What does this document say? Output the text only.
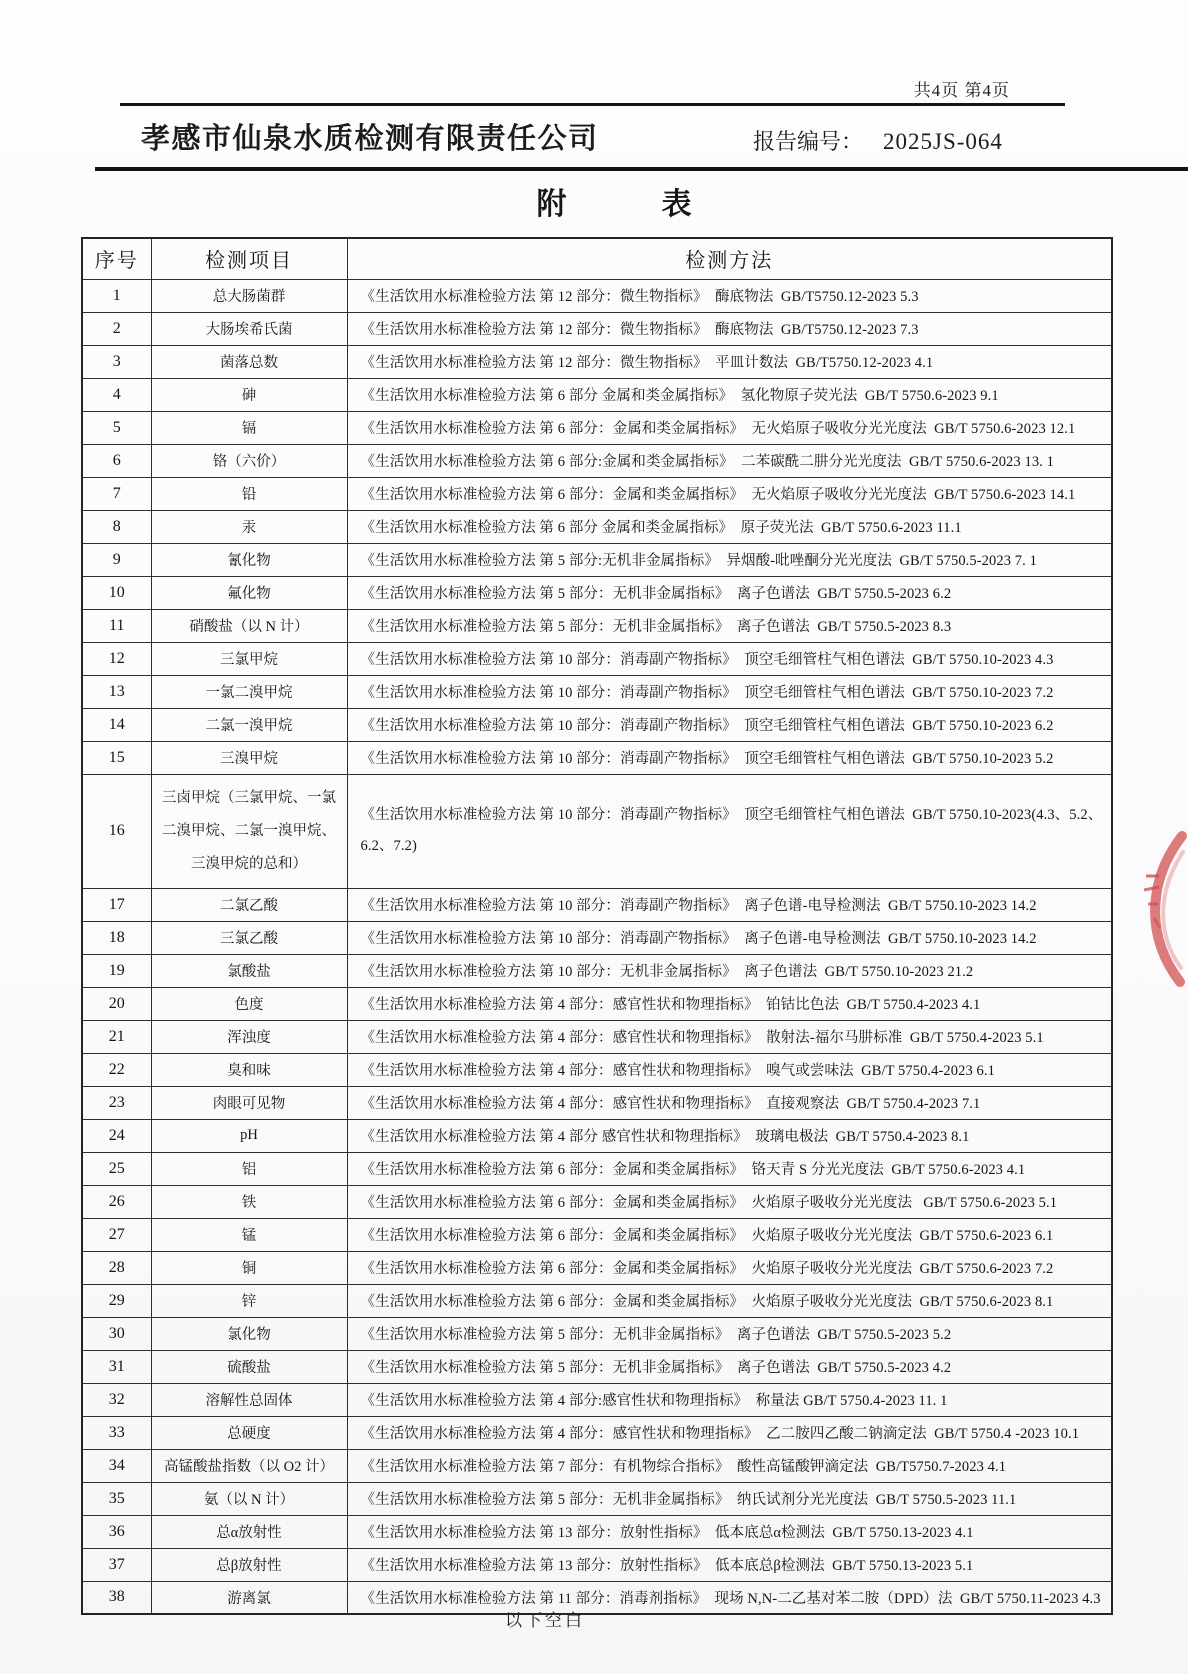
共4页 第4页
孝感市仙泉水质检测有限责任公司	报告编号： 2025JS-064
附	表
序号	检测项目	检测方法
1	总大肠菌群	《生活饮用水标准检验方法 第 12 部分：微生物指标》  酶底物法  GB/T5750.12-2023 5.3
2	大肠埃希氏菌	《生活饮用水标准检验方法 第 12 部分：微生物指标》  酶底物法  GB/T5750.12-2023 7.3
3	菌落总数	《生活饮用水标准检验方法 第 12 部分：微生物指标》  平皿计数法  GB/T5750.12-2023 4.1
4	砷	《生活饮用水标准检验方法 第 6 部分 金属和类金属指标》  氢化物原子荧光法  GB/T 5750.6-2023 9.1
5	镉	《生活饮用水标准检验方法 第 6 部分：金属和类金属指标》  无火焰原子吸收分光光度法  GB/T 5750.6-2023 12.1
6	铬（六价）	《生活饮用水标准检验方法 第 6 部分:金属和类金属指标》  二苯碳酰二肼分光光度法  GB/T 5750.6-2023 13. 1
7	铅	《生活饮用水标准检验方法 第 6 部分：金属和类金属指标》  无火焰原子吸收分光光度法  GB/T 5750.6-2023 14.1
8	汞	《生活饮用水标准检验方法 第 6 部分 金属和类金属指标》  原子荧光法  GB/T 5750.6-2023 11.1
9	氰化物	《生活饮用水标准检验方法 第 5 部分:无机非金属指标》  异烟酸-吡唑酮分光光度法  GB/T 5750.5-2023 7. 1
10	氟化物	《生活饮用水标准检验方法 第 5 部分：无机非金属指标》  离子色谱法  GB/T 5750.5-2023 6.2
11	硝酸盐（以 N 计）	《生活饮用水标准检验方法 第 5 部分：无机非金属指标》  离子色谱法  GB/T 5750.5-2023 8.3
12	三氯甲烷	《生活饮用水标准检验方法 第 10 部分：消毒副产物指标》  顶空毛细管柱气相色谱法  GB/T 5750.10-2023 4.3
13	一氯二溴甲烷	《生活饮用水标准检验方法 第 10 部分：消毒副产物指标》  顶空毛细管柱气相色谱法  GB/T 5750.10-2023 7.2
14	二氯一溴甲烷	《生活饮用水标准检验方法 第 10 部分：消毒副产物指标》  顶空毛细管柱气相色谱法  GB/T 5750.10-2023 6.2
15	三溴甲烷	《生活饮用水标准检验方法 第 10 部分：消毒副产物指标》  顶空毛细管柱气相色谱法  GB/T 5750.10-2023 5.2
16	三卤甲烷（三氯甲烷、一氯二溴甲烷、二氯一溴甲烷、三溴甲烷的总和）	《生活饮用水标准检验方法 第 10 部分：消毒副产物指标》  顶空毛细管柱气相色谱法  GB/T 5750.10-2023(4.3、5.2、6.2、7.2)
17	二氯乙酸	《生活饮用水标准检验方法 第 10 部分：消毒副产物指标》  离子色谱-电导检测法  GB/T 5750.10-2023 14.2
18	三氯乙酸	《生活饮用水标准检验方法 第 10 部分：消毒副产物指标》  离子色谱-电导检测法  GB/T 5750.10-2023 14.2
19	氯酸盐	《生活饮用水标准检验方法 第 10 部分：无机非金属指标》  离子色谱法  GB/T 5750.10-2023 21.2
20	色度	《生活饮用水标准检验方法 第 4 部分：感官性状和物理指标》  铂钴比色法  GB/T 5750.4-2023 4.1
21	浑浊度	《生活饮用水标准检验方法 第 4 部分：感官性状和物理指标》  散射法-福尔马肼标准  GB/T 5750.4-2023 5.1
22	臭和味	《生活饮用水标准检验方法 第 4 部分：感官性状和物理指标》  嗅气或尝味法  GB/T 5750.4-2023 6.1
23	肉眼可见物	《生活饮用水标准检验方法 第 4 部分：感官性状和物理指标》  直接观察法  GB/T 5750.4-2023 7.1
24	pH	《生活饮用水标准检验方法 第 4 部分 感官性状和物理指标》  玻璃电极法  GB/T 5750.4-2023 8.1
25	铝	《生活饮用水标准检验方法 第 6 部分：金属和类金属指标》  铬天青 S 分光光度法  GB/T 5750.6-2023 4.1
26	铁	《生活饮用水标准检验方法 第 6 部分：金属和类金属指标》  火焰原子吸收分光光度法   GB/T 5750.6-2023 5.1
27	锰	《生活饮用水标准检验方法 第 6 部分：金属和类金属指标》  火焰原子吸收分光光度法  GB/T 5750.6-2023 6.1
28	铜	《生活饮用水标准检验方法 第 6 部分：金属和类金属指标》  火焰原子吸收分光光度法  GB/T 5750.6-2023 7.2
29	锌	《生活饮用水标准检验方法 第 6 部分：金属和类金属指标》  火焰原子吸收分光光度法  GB/T 5750.6-2023 8.1
30	氯化物	《生活饮用水标准检验方法 第 5 部分：无机非金属指标》  离子色谱法  GB/T 5750.5-2023 5.2
31	硫酸盐	《生活饮用水标准检验方法 第 5 部分：无机非金属指标》  离子色谱法  GB/T 5750.5-2023 4.2
32	溶解性总固体	《生活饮用水标准检验方法 第 4 部分:感官性状和物理指标》  称量法 GB/T 5750.4-2023 11. 1
33	总硬度	《生活饮用水标准检验方法 第 4 部分：感官性状和物理指标》  乙二胺四乙酸二钠滴定法  GB/T 5750.4 -2023 10.1
34	高锰酸盐指数（以 O2 计）	《生活饮用水标准检验方法 第 7 部分：有机物综合指标》  酸性高锰酸钾滴定法  GB/T5750.7-2023 4.1
35	氨（以 N 计）	《生活饮用水标准检验方法 第 5 部分：无机非金属指标》  纳氏试剂分光光度法  GB/T 5750.5-2023 11.1
36	总α放射性	《生活饮用水标准检验方法 第 13 部分：放射性指标》  低本底总α检测法  GB/T 5750.13-2023 4.1
37	总β放射性	《生活饮用水标准检验方法 第 13 部分：放射性指标》  低本底总β检测法  GB/T 5750.13-2023 5.1
38	游离氯	《生活饮用水标准检验方法 第 11 部分：消毒剂指标》  现场 N,N-二乙基对苯二胺（DPD）法  GB/T 5750.11-2023 4.3
以下空白
